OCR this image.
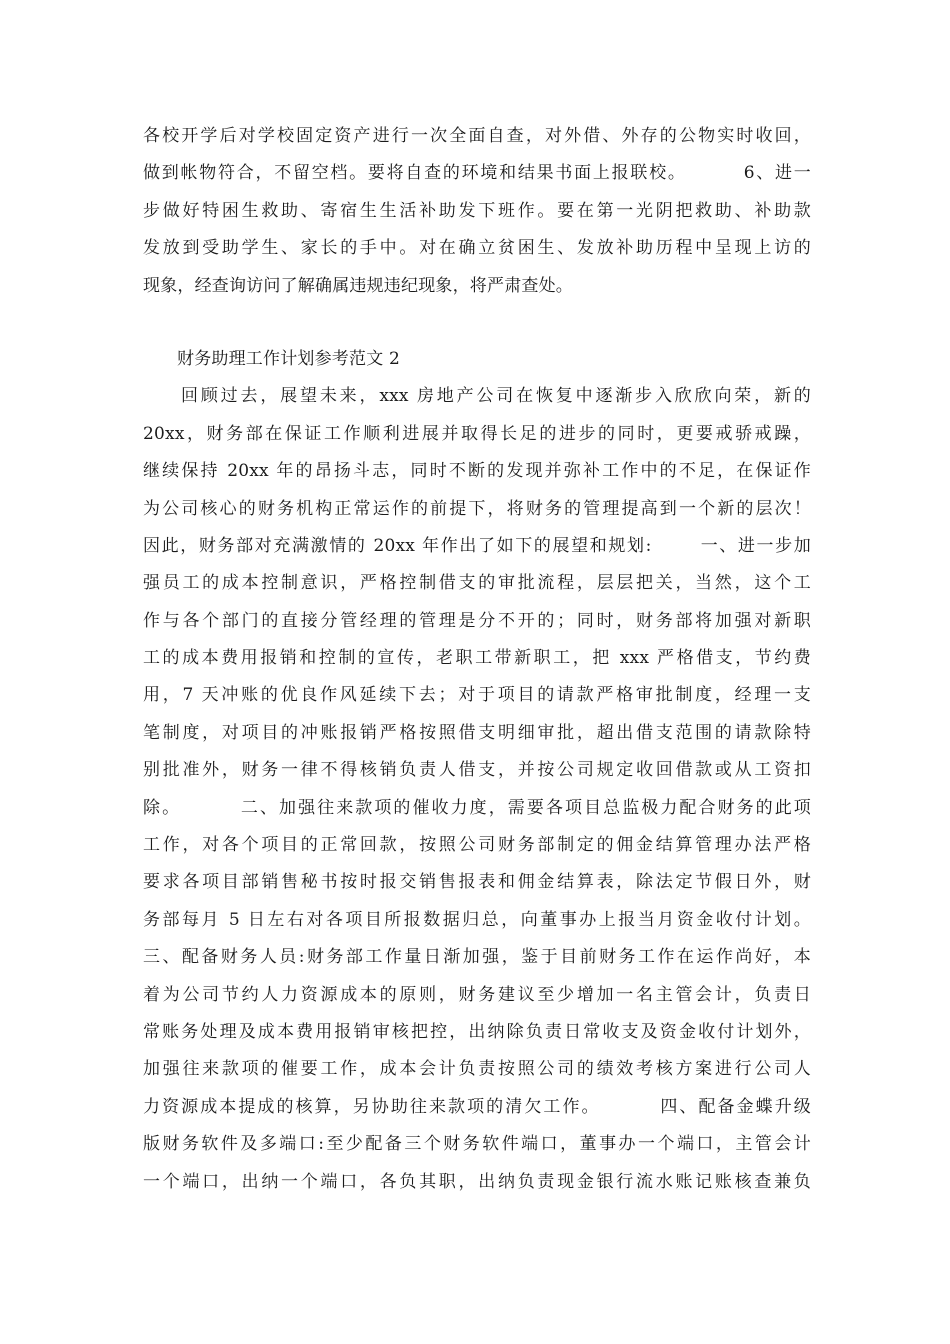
各校开学后对学校固定资产进行一次全面自查，对外借、外存的公物实时收回，
做到帐物符合，不留空档。要将自查的环境和结果书面上报联校。        6、进一
步做好特困生救助、寄宿生生活补助发下班作。要在第一光阴把救助、补助款
发放到受助学生、家长的手中。对在确立贫困生、发放补助历程中呈现上访的
现象，经查询访问了解确属违规违纪现象，将严肃查处。
财务助理工作计划参考范文 2
回顾过去，展望未来，xxx 房地产公司在恢复中逐渐步入欣欣向荣，新的
20xx，财务部在保证工作顺利进展并取得长足的进步的同时，更要戒骄戒躁，
继续保持 20xx 年的昂扬斗志，同时不断的发现并弥补工作中的不足，在保证作
为公司核心的财务机构正常运作的前提下，将财务的管理提高到一个新的层次！
因此，财务部对充满激情的 20xx 年作出了如下的展望和规划:       一、进一步加
强员工的成本控制意识，严格控制借支的审批流程，层层把关，当然，这个工
作与各个部门的直接分管经理的管理是分不开的；同时，财务部将加强对新职
工的成本费用报销和控制的宣传，老职工带新职工，把 xxx 严格借支，节约费
用，7 天冲账的优良作风延续下去；对于项目的请款严格审批制度，经理一支
笔制度，对项目的冲账报销严格按照借支明细审批，超出借支范围的请款除特
别批准外，财务一律不得核销负责人借支，并按公司规定收回借款或从工资扣
除。        二、加强往来款项的催收力度，需要各项目总监极力配合财务的此项
工作，对各个项目的正常回款，按照公司财务部制定的佣金结算管理办法严格
要求各项目部销售秘书按时报交销售报表和佣金结算表，除法定节假日外，财
务部每月 5 日左右对各项目所报数据归总，向董事办上报当月资金收付计划。
三、配备财务人员:财务部工作量日渐加强，鉴于目前财务工作在运作尚好，本
着为公司节约人力资源成本的原则，财务建议至少增加一名主管会计，负责日
常账务处理及成本费用报销审核把控，出纳除负责日常收支及资金收付计划外，
加强往来款项的催要工作，成本会计负责按照公司的绩效考核方案进行公司人
力资源成本提成的核算，另协助往来款项的清欠工作。        四、配备金蝶升级
版财务软件及多端口:至少配备三个财务软件端口，董事办一个端口，主管会计
一个端口，出纳一个端口，各负其职，出纳负责现金银行流水账记账核查兼负
